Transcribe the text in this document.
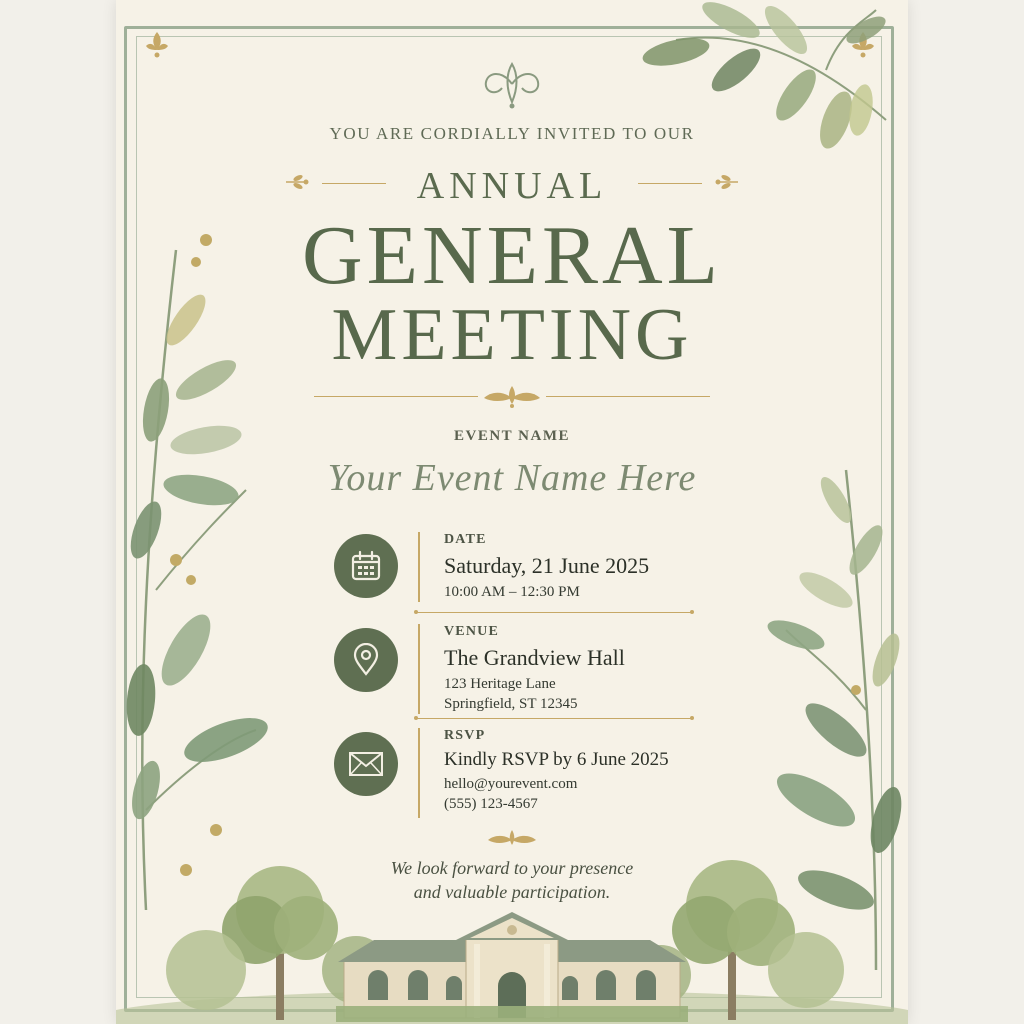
YOU ARE CORDIALLY INVITED TO OUR
ANNUAL
GENERAL
MEETING
EVENT NAME
Your Event Name Here
DATE
Saturday, 21 June 2025
10:00 AM – 12:30 PM
VENUE
The Grandview Hall
123 Heritage Lane
Springfield, ST 12345
RSVP
Kindly RSVP by 6 June 2025
hello@yourevent.com
(555) 123-4567
We look forward to your presence
and valuable participation.
